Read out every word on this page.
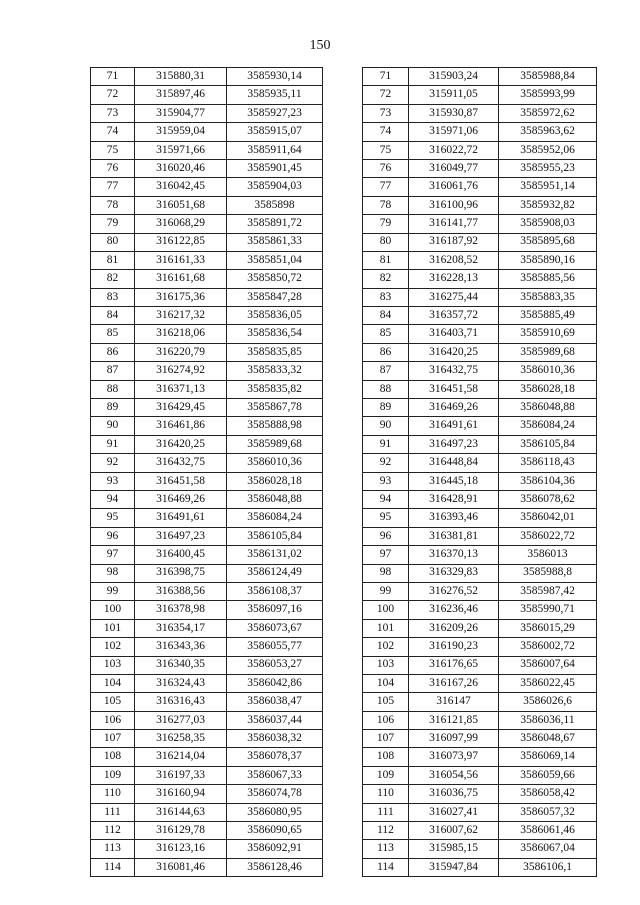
150
71	315880,31	3585930,14
72	315897,46	3585935,11
73	315904,77	3585927,23
74	315959,04	3585915,07
75	315971,66	3585911,64
76	316020,46	3585901,45
77	316042,45	3585904,03
78	316051,68	3585898
79	316068,29	3585891,72
80	316122,85	3585861,33
81	316161,33	3585851,04
82	316161,68	3585850,72
83	316175,36	3585847,28
84	316217,32	3585836,05
85	316218,06	3585836,54
86	316220,79	3585835,85
87	316274,92	3585833,32
88	316371,13	3585835,82
89	316429,45	3585867,78
90	316461,86	3585888,98
91	316420,25	3585989,68
92	316432,75	3586010,36
93	316451,58	3586028,18
94	316469,26	3586048,88
95	316491,61	3586084,24
96	316497,23	3586105,84
97	316400,45	3586131,02
98	316398,75	3586124,49
99	316388,56	3586108,37
100	316378,98	3586097,16
101	316354,17	3586073,67
102	316343,36	3586055,77
103	316340,35	3586053,27
104	316324,43	3586042,86
105	316316,43	3586038,47
106	316277,03	3586037,44
107	316258,35	3586038,32
108	316214,04	3586078,37
109	316197,33	3586067,33
110	316160,94	3586074,78
111	316144,63	3586080,95
112	316129,78	3586090,65
113	316123,16	3586092,91
114	316081,46	3586128,46
71	315903,24	3585988,84
72	315911,05	3585993,99
73	315930,87	3585972,62
74	315971,06	3585963,62
75	316022,72	3585952,06
76	316049,77	3585955,23
77	316061,76	3585951,14
78	316100,96	3585932,82
79	316141,77	3585908,03
80	316187,92	3585895,68
81	316208,52	3585890,16
82	316228,13	3585885,56
83	316275,44	3585883,35
84	316357,72	3585885,49
85	316403,71	3585910,69
86	316420,25	3585989,68
87	316432,75	3586010,36
88	316451,58	3586028,18
89	316469,26	3586048,88
90	316491,61	3586084,24
91	316497,23	3586105,84
92	316448,84	3586118,43
93	316445,18	3586104,36
94	316428,91	3586078,62
95	316393,46	3586042,01
96	316381,81	3586022,72
97	316370,13	3586013
98	316329,83	3585988,8
99	316276,52	3585987,42
100	316236,46	3585990,71
101	316209,26	3586015,29
102	316190,23	3586002,72
103	316176,65	3586007,64
104	316167,26	3586022,45
105	316147	3586026,6
106	316121,85	3586036,11
107	316097,99	3586048,67
108	316073,97	3586069,14
109	316054,56	3586059,66
110	316036,75	3586058,42
111	316027,41	3586057,32
112	316007,62	3586061,46
113	315985,15	3586067,04
114	315947,84	3586106,1
